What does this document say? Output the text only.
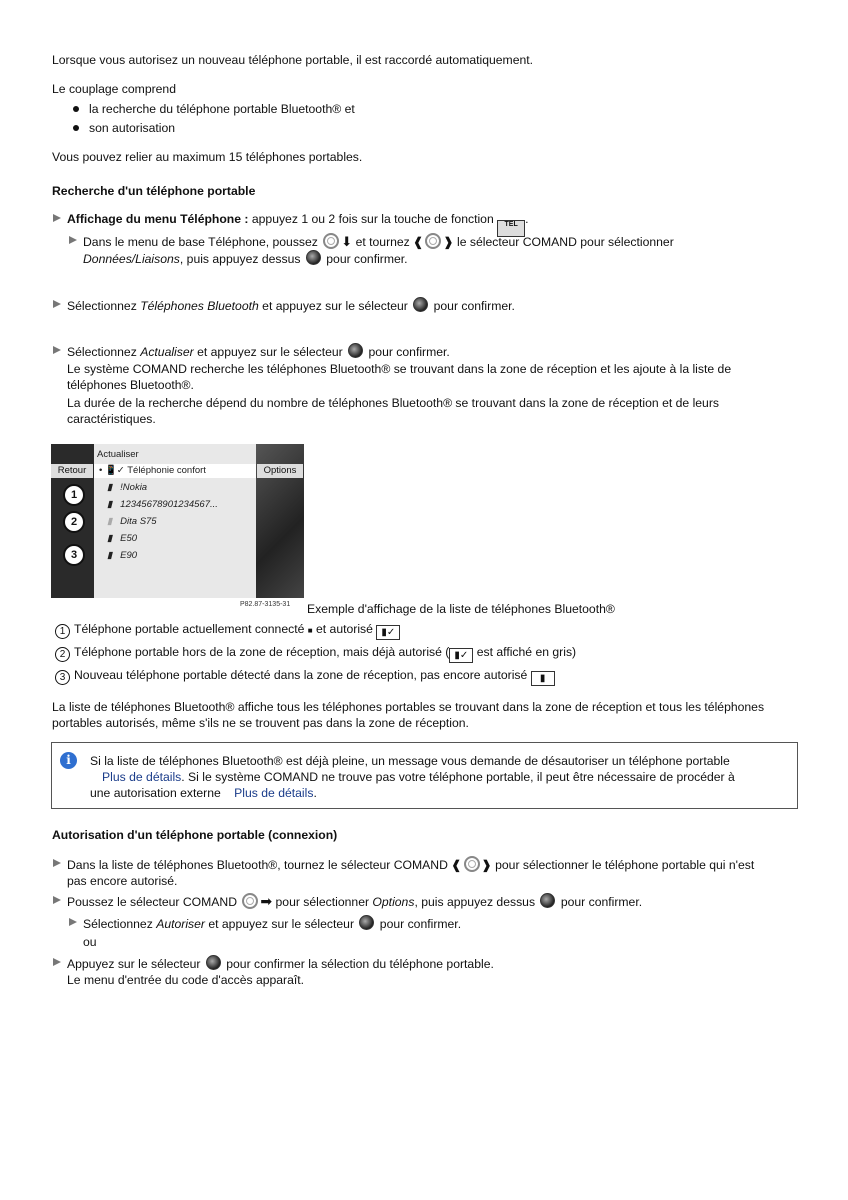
Lorsque vous autorisez un nouveau téléphone portable, il est raccordé automatiquement.
Le couplage comprend
la recherche du téléphone portable Bluetooth® et
son autorisation
Vous pouvez relier au maximum 15 téléphones portables.
Recherche d'un téléphone portable
Affichage du menu Téléphone : appuyez 1 ou 2 fois sur la touche de fonction TEL .
Dans le menu de base Téléphone, poussez ⬇ et tournez ❰ ❱ le sélecteur COMAND pour sélectionner
Données/Liaisons, puis appuyez dessus pour confirmer.
Sélectionnez Téléphones Bluetooth et appuyez sur le sélecteur pour confirmer.
Sélectionnez Actualiser et appuyez sur le sélecteur pour confirmer.
Le système COMAND recherche les téléphones Bluetooth® se trouvant dans la zone de réception et les ajoute à la liste de téléphones Bluetooth®.
La durée de la recherche dépend du nombre de téléphones Bluetooth® se trouvant dans la zone de réception et de leurs caractéristiques.
Actualiser
Retour	Options
• 📱✓ Téléphonie confort
▮   !Nokia
▮   12345678901234567...
▮ Dita S75
▮   E50
▮   E90
1
2
3
P82.87-3135-31 Exemple d'affichage de la liste de téléphones Bluetooth®
1 Téléphone portable actuellement connecté ■ et autorisé ▮✓
2 Téléphone portable hors de la zone de réception, mais déjà autorisé ( ▮✓ est affiché en gris)
3 Nouveau téléphone portable détecté dans la zone de réception, pas encore autorisé ▮
La liste de téléphones Bluetooth® affiche tous les téléphones portables se trouvant dans la zone de réception et tous les téléphones portables autorisés, même s'ils ne se trouvent pas dans la zone de réception.
i	Si la liste de téléphones Bluetooth® est déjà pleine, un message vous demande de désautoriser un téléphone portable
Plus de détails. Si le système COMAND ne trouve pas votre téléphone portable, il peut être nécessaire de procéder à
une autorisation externe Plus de détails.
Autorisation d'un téléphone portable (connexion)
Dans la liste de téléphones Bluetooth®, tournez le sélecteur COMAND ❰ ❱ pour sélectionner le téléphone portable qui n'est
pas encore autorisé.
Poussez le sélecteur COMAND ➡ pour sélectionner Options, puis appuyez dessus pour confirmer.
Sélectionnez Autoriser et appuyez sur le sélecteur pour confirmer.
ou
Appuyez sur le sélecteur pour confirmer la sélection du téléphone portable.
Le menu d'entrée du code d'accès apparaît.
